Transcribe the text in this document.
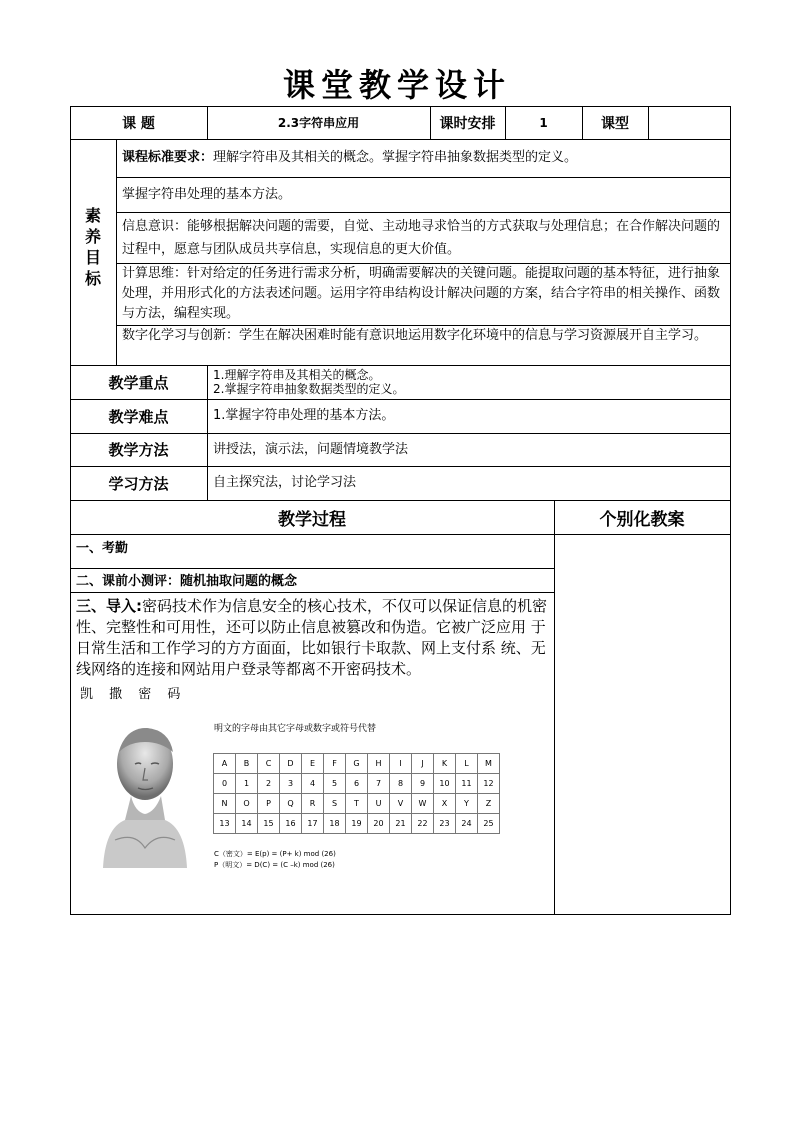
课堂教学设计
课 题	2.3字符串应用	课时安排	1	课型
素
养
目
标
课程标准要求：理解字符串及其相关的概念。掌握字符串抽象数据类型的定义。
掌握字符串处理的基本方法。
信息意识：能够根据解决问题的需要，自觉、主动地寻求恰当的方式获取与处理信息；在合作解决问题的过程中，愿意与团队成员共享信息，实现信息的更大价值。
计算思维：针对给定的任务进行需求分析，明确需要解决的关键问题。能提取问题的基本特征，进行抽象处理，并用形式化的方法表述问题。运用字符串结构设计解决问题的方案，结合字符串的相关操作、函数与方法，编程实现。
数字化学习与创新：学生在解决困难时能有意识地运用数字化环境中的信息与学习资源展开自主学习。
教学重点	1.理解字符串及其相关的概念。
2.掌握字符串抽象数据类型的定义。
教学难点	1.掌握字符串处理的基本方法。
教学方法	讲授法，演示法，问题情境教学法
学习方法	自主探究法，讨论学习法
教学过程	个别化教案
一、考勤
二、课前小测评：随机抽取问题的概念
三、导入:密码技术作为信息安全的核心技术，不仅可以保证信息的机密 性、完整性和可用性，还可以防止信息被篡改和伪造。它被广泛应用 于日常生活和工作学习的方方面面，比如银行卡取款、网上支付系 统、无线网络的连接和网站用户登录等都离不开密码技术。
凯 撒 密 码
明文的字母由其它字母或数字或符号代替
A	B	C	D	E	F	G	H	I	J	K	L	M
0	1	2	3	4	5	6	7	8	9	10	11	12
N	O	P	Q	R	S	T	U	V	W	X	Y	Z
13	14	15	16	17	18	19	20	21	22	23	24	25
C（密文）= E(p) = (P+ k) mod (26)
P（明文）= D(C) = (C –k) mod (26)
